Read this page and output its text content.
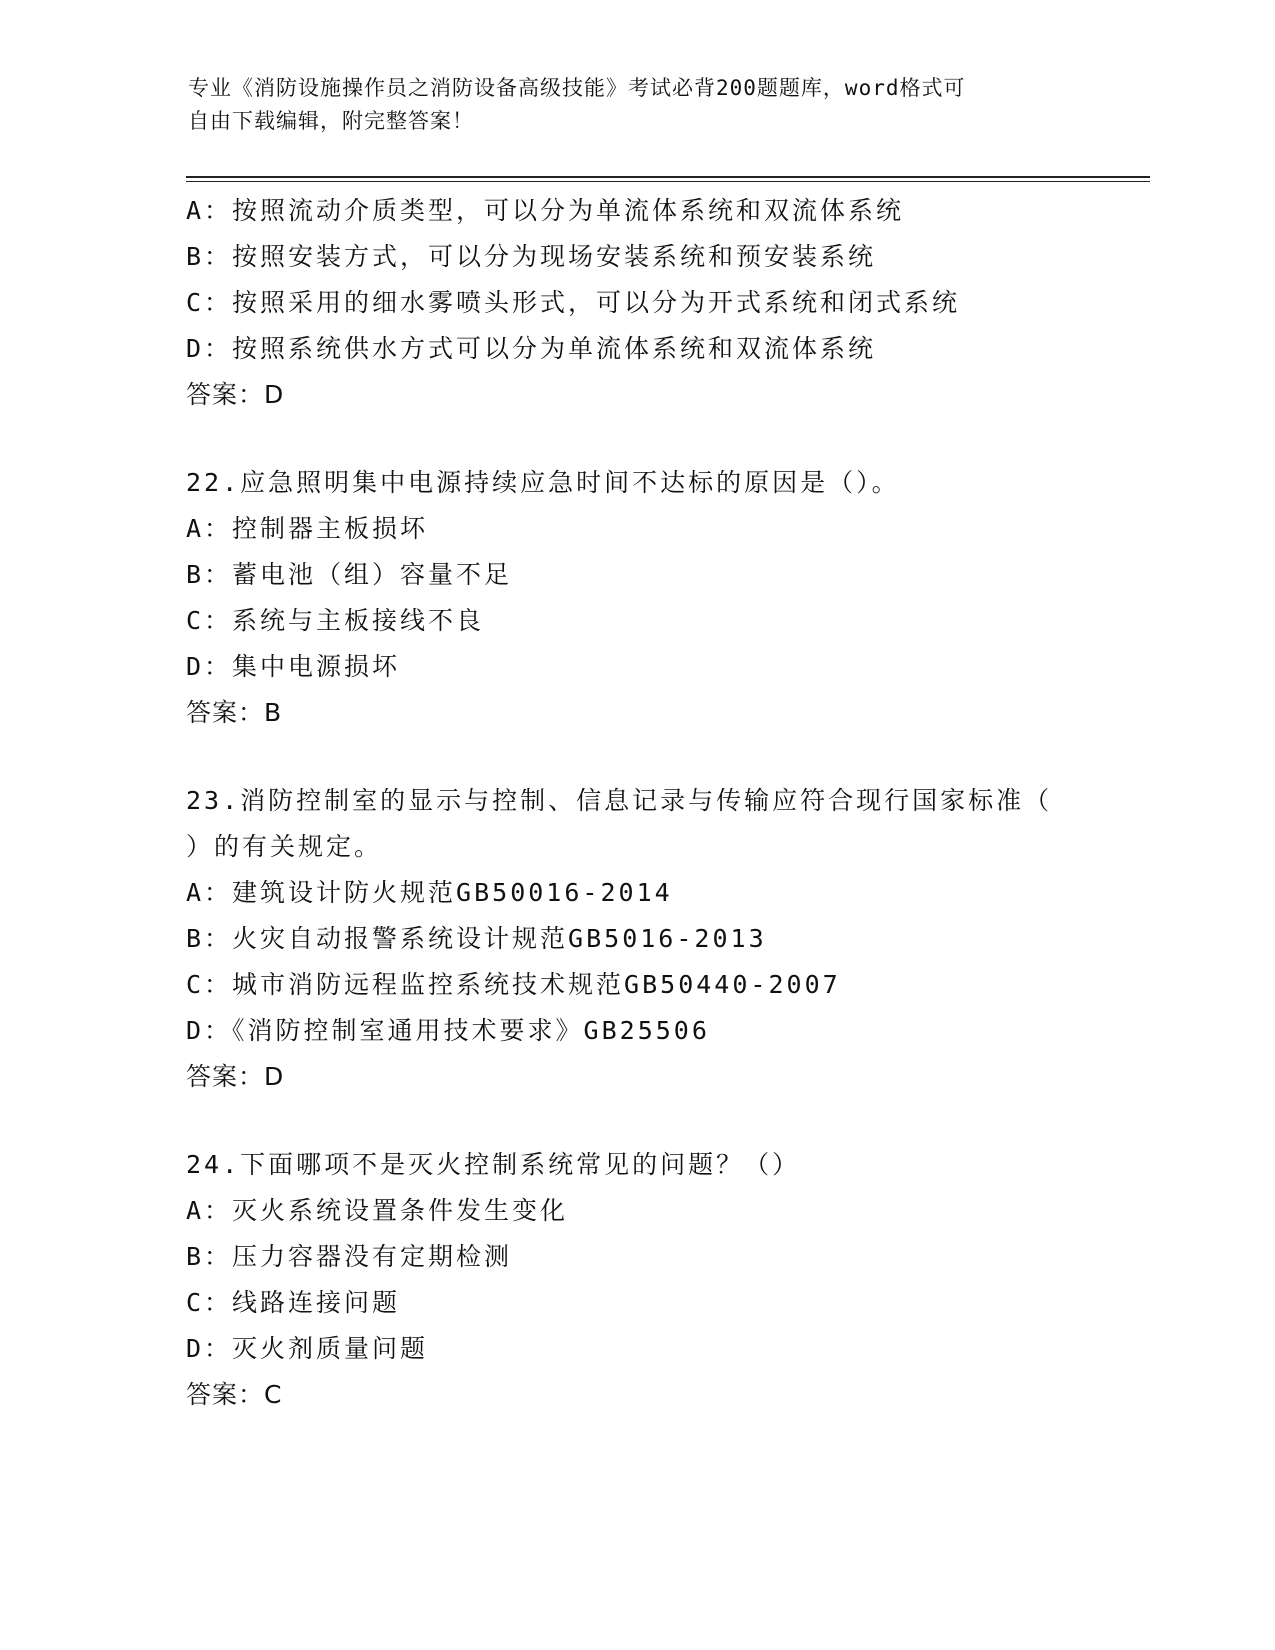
专业《消防设施操作员之消防设备高级技能》考试必背200题题库，word格式可
自由下载编辑，附完整答案！
A：按照流动介质类型，可以分为单流体系统和双流体系统
B：按照安装方式，可以分为现场安装系统和预安装系统
C：按照采用的细水雾喷头形式，可以分为开式系统和闭式系统
D：按照系统供水方式可以分为单流体系统和双流体系统
答案：D
22.应急照明集中电源持续应急时间不达标的原因是（）。
A：控制器主板损坏
B：蓄电池（组）容量不足
C：系统与主板接线不良
D：集中电源损坏
答案：B
23.消防控制室的显示与控制、信息记录与传输应符合现行国家标准（
）的有关规定。
A：建筑设计防火规范GB50016-2014
B：火灾自动报警系统设计规范GB5016-2013
C：城市消防远程监控系统技术规范GB50440-2007
D：《消防控制室通用技术要求》GB25506
答案：D
24.下面哪项不是灭火控制系统常见的问题？（）
A：灭火系统设置条件发生变化
B：压力容器没有定期检测
C：线路连接问题
D：灭火剂质量问题
答案：C
